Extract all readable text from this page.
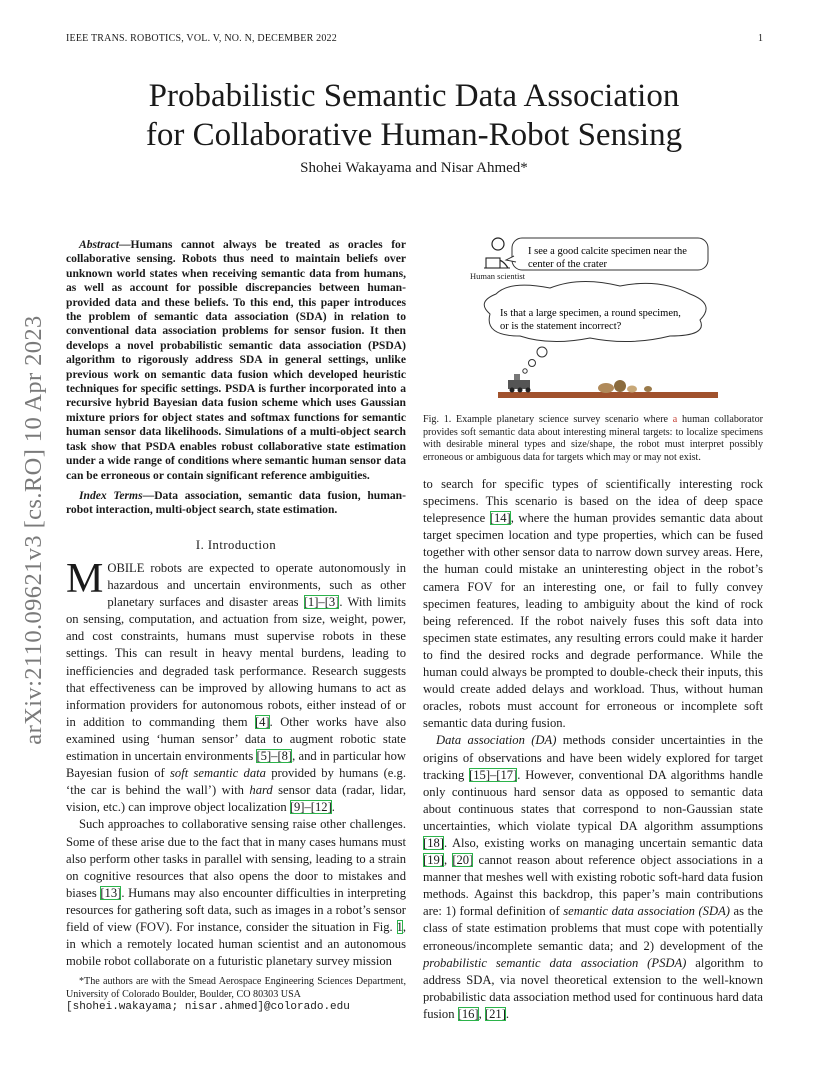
IEEE TRANS. ROBOTICS, VOL. V, NO. N, DECEMBER 2022	1
Probabilistic Semantic Data Association
for Collaborative Human-Robot Sensing
Shohei Wakayama and Nisar Ahmed*
arXiv:2110.09621v3 [cs.RO] 10 Apr 2023
Abstract—Humans cannot always be treated as oracles for collaborative sensing. Robots thus need to maintain beliefs over unknown world states when receiving semantic data from humans, as well as account for possible discrepancies between human-provided data and these beliefs. To this end, this paper introduces the problem of semantic data association (SDA) in relation to conventional data association problems for sensor fusion. It then develops a novel probabilistic semantic data association (PSDA) algorithm to rigorously address SDA in general settings, unlike previous work on semantic data fusion which developed heuristic techniques for specific settings. PSDA is further incorporated into a recursive hybrid Bayesian data fusion scheme which uses Gaussian mixture priors for object states and softmax functions for semantic human sensor data likelihoods. Simulations of a multi-object search task show that PSDA enables robust collaborative state estimation under a wide range of conditions where semantic human sensor data can be erroneous or contain significant reference ambiguities.
Index Terms—Data association, semantic data fusion, human-robot interaction, multi-object search, state estimation.
I. Introduction

MOBILE robots are expected to operate autonomously in hazardous and uncertain environments, such as other planetary surfaces and disaster areas [1]–[3]. With limits on sensing, computation, and actuation from size, weight, power, and cost constraints, humans must supervise robots in these settings. This can result in heavy mental burdens, leading to inefficiencies and degraded task performance. Research suggests that effectiveness can be improved by allowing humans to act as information providers for autonomous robots, either instead of or in addition to commanding them [4]. Other works have also examined using ‘human sensor’ data to augment robotic state estimation in uncertain environments [5]–[8], and in particular how Bayesian fusion of soft semantic data provided by humans (e.g. ‘the car is behind the wall’) with hard sensor data (radar, lidar, vision, etc.) can improve object localization [9]–[12].

Such approaches to collaborative sensing raise other challenges. Some of these arise due to the fact that in many cases humans must also perform other tasks in parallel with sensing, leading to a strain on cognitive resources that also opens the door to mistakes and biases [13]. Humans may also encounter difficulties in interpreting resources for gathering soft data, such as images in a robot’s sensor field of view (FOV). For instance, consider the situation in Fig. 1, in which a remotely located human scientist and an autonomous mobile robot collaborate on a futuristic planetary survey mission

*The authors are with the Smead Aerospace Engineering Sciences Department, University of Colorado Boulder, Boulder, CO 80303 USA
[shohei.wakayama; nisar.ahmed]@colorado.edu
I see a good calcite specimen near the
center of the crater
Is that a large specimen, a round specimen,
or is the statement incorrect?
Human scientist
Fig. 1. Example planetary science survey scenario where a human collaborator provides soft semantic data about interesting mineral targets: to localize specimens with desirable mineral types and size/shape, the robot must interpret possibly erroneous or ambiguous data for targets which may or may not exist.

to search for specific types of scientifically interesting rock specimens. This scenario is based on the idea of deep space telepresence [14], where the human provides semantic data about target specimen location and type properties, which can be fused together with other sensor data to narrow down survey areas. Here, the human could mistake an uninteresting object in the robot’s camera FOV for an interesting one, or fail to fully convey specimen features, leading to ambiguity about the kind of rock being referenced. If the robot naively fuses this soft data into specimen state estimates, any resulting errors could make it harder to find the desired rocks and degrade performance. While the human could always be prompted to double-check their inputs, this would create added delays and workload. Thus, without human oracles, robots must account for erroneous or incomplete soft semantic data during fusion.

Data association (DA) methods consider uncertainties in the origins of observations and have been widely explored for target tracking [15]–[17]. However, conventional DA algorithms handle only continuous hard sensor data as opposed to semantic data about continuous states that correspond to non-Gaussian state uncertainties, which violate typical DA algorithm assumptions [18]. Also, existing works on managing uncertain semantic data [19], [20] cannot reason about reference object associations in a manner that meshes well with existing robotic soft-hard data fusion methods. Against this backdrop, this paper’s main contributions are: 1) formal definition of semantic data association (SDA) as the class of state estimation problems that must cope with potentially erroneous/incomplete semantic data; and 2) development of the probabilistic semantic data association (PSDA) algorithm to address SDA, via novel theoretical extension to the well-known probabilistic data association method used for continuous hard data fusion [16], [21].
